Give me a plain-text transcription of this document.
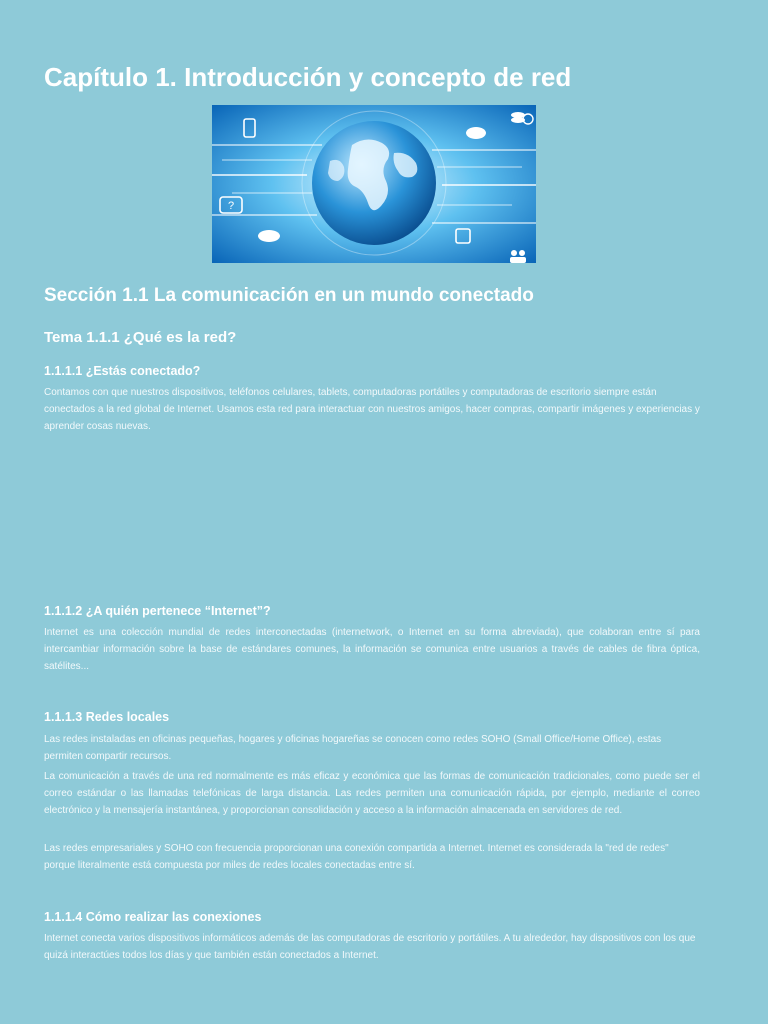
Capítulo 1. Introducción y concepto de red
?
Sección 1.1 La comunicación en un mundo conectado
Tema 1.1.1 ¿Qué es la red?
1.1.1.1 ¿Estás conectado?

Contamos con que nuestros dispositivos, teléfonos celulares, tablets, computadoras portátiles y computadoras de escritorio siempre están conectados a la red global de Internet. Usamos esta red para interactuar con nuestros amigos, hacer compras, compartir imágenes y experiencias y aprender cosas nuevas.

1.1.1.2 ¿A quién pertenece “Internet”?

Internet es una colección mundial de redes interconectadas (internetwork, o Internet en su forma abreviada), que colaboran entre sí para intercambiar información sobre la base de estándares comunes, la información se comunica entre usuarios a través de cables de fibra óptica, satélites...

1.1.1.3 Redes locales

Las redes instaladas en oficinas pequeñas, hogares y oficinas hogareñas se conocen como redes SOHO (Small Office/Home Office), estas permiten compartir recursos.

La comunicación a través de una red normalmente es más eficaz y económica que las formas de comunicación tradicionales, como puede ser el correo estándar o las llamadas telefónicas de larga distancia. Las redes permiten una comunicación rápida, por ejemplo, mediante el correo electrónico y la mensajería instantánea, y proporcionan consolidación y acceso a la información almacenada en servidores de red.

Las redes empresariales y SOHO con frecuencia proporcionan una conexión compartida a Internet. Internet es considerada la "red de redes" porque literalmente está compuesta por miles de redes locales conectadas entre sí.

1.1.1.4 Cómo realizar las conexiones

Internet conecta varios dispositivos informáticos además de las computadoras de escritorio y portátiles. A tu alrededor, hay dispositivos con los que quizá interactúes todos los días y que también están conectados a Internet.
